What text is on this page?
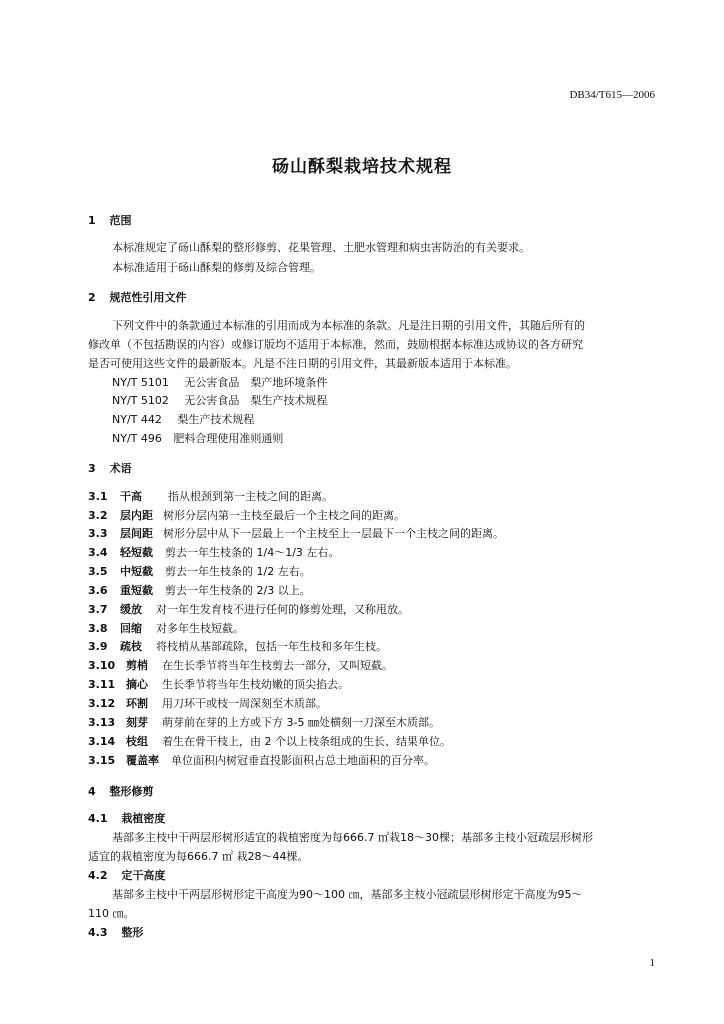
DB34/T615—2006
砀山酥梨栽培技术规程
1 范围
本标准规定了砀山酥梨的整形修剪、花果管理、土肥水管理和病虫害防治的有关要求。
本标准适用于砀山酥梨的修剪及综合管理。
2 规范性引用文件
下列文件中的条款通过本标准的引用而成为本标准的条款。凡是注日期的引用文件，其随后所有的
修改单（不包括勘误的内容）或修订版均不适用于本标准，然而，鼓励根据本标准达成协议的各方研究
是否可使用这些文件的最新版本。凡是不注日期的引用文件，其最新版本适用于本标准。
NY/T 5101 无公害食品　梨产地环境条件
NY/T 5102 无公害食品　梨生产技术规程
NY/T 442 梨生产技术规程
NY/T 496 肥料合理使用准则通则
3 术语
3.1 干高 指从根颈到第一主枝之间的距离。
3.2 层内距 树形分层内第一主枝至最后一个主枝之间的距离。
3.3 层间距 树形分层中从下一层最上一个主枝至上一层最下一个主枝之间的距离。
3.4 轻短截 剪去一年生枝条的 1/4～1/3 左右。
3.5 中短截 剪去一年生枝条的 1/2 左右。
3.6 重短截 剪去一年生枝条的 2/3 以上。
3.7 缓放 对一年生发育枝不进行任何的修剪处理，又称甩放。
3.8 回缩 对多年生枝短截。
3.9 疏枝 将枝梢从基部疏除，包括一年生枝和多年生枝。
3.10 剪梢 在生长季节将当年生枝剪去一部分，又叫短截。
3.11 摘心 生长季节将当年生枝幼嫩的顶尖掐去。
3.12 环割 用刀环干或枝一周深刻至木质部。
3.13 刻芽 萌芽前在芽的上方或下方 3-5 ㎜处横刻一刀深至木质部。
3.14 枝组 着生在骨干枝上，由 2 个以上枝条组成的生长、结果单位。
3.15 覆盖率 单位面积内树冠垂直投影面积占总土地面积的百分率。
4 整形修剪
4.1 栽植密度
基部多主枝中干两层形树形适宜的栽植密度为每666.7 ㎡栽18～30棵；基部多主枝小冠疏层形树形
适宜的栽植密度为每666.7 ㎡ 栽28～44棵。
4.2 定干高度
基部多主枝中干两层形树形定干高度为90～100 ㎝，基部多主枝小冠疏层形树形定干高度为95～
110 ㎝。
4.3 整形
1
